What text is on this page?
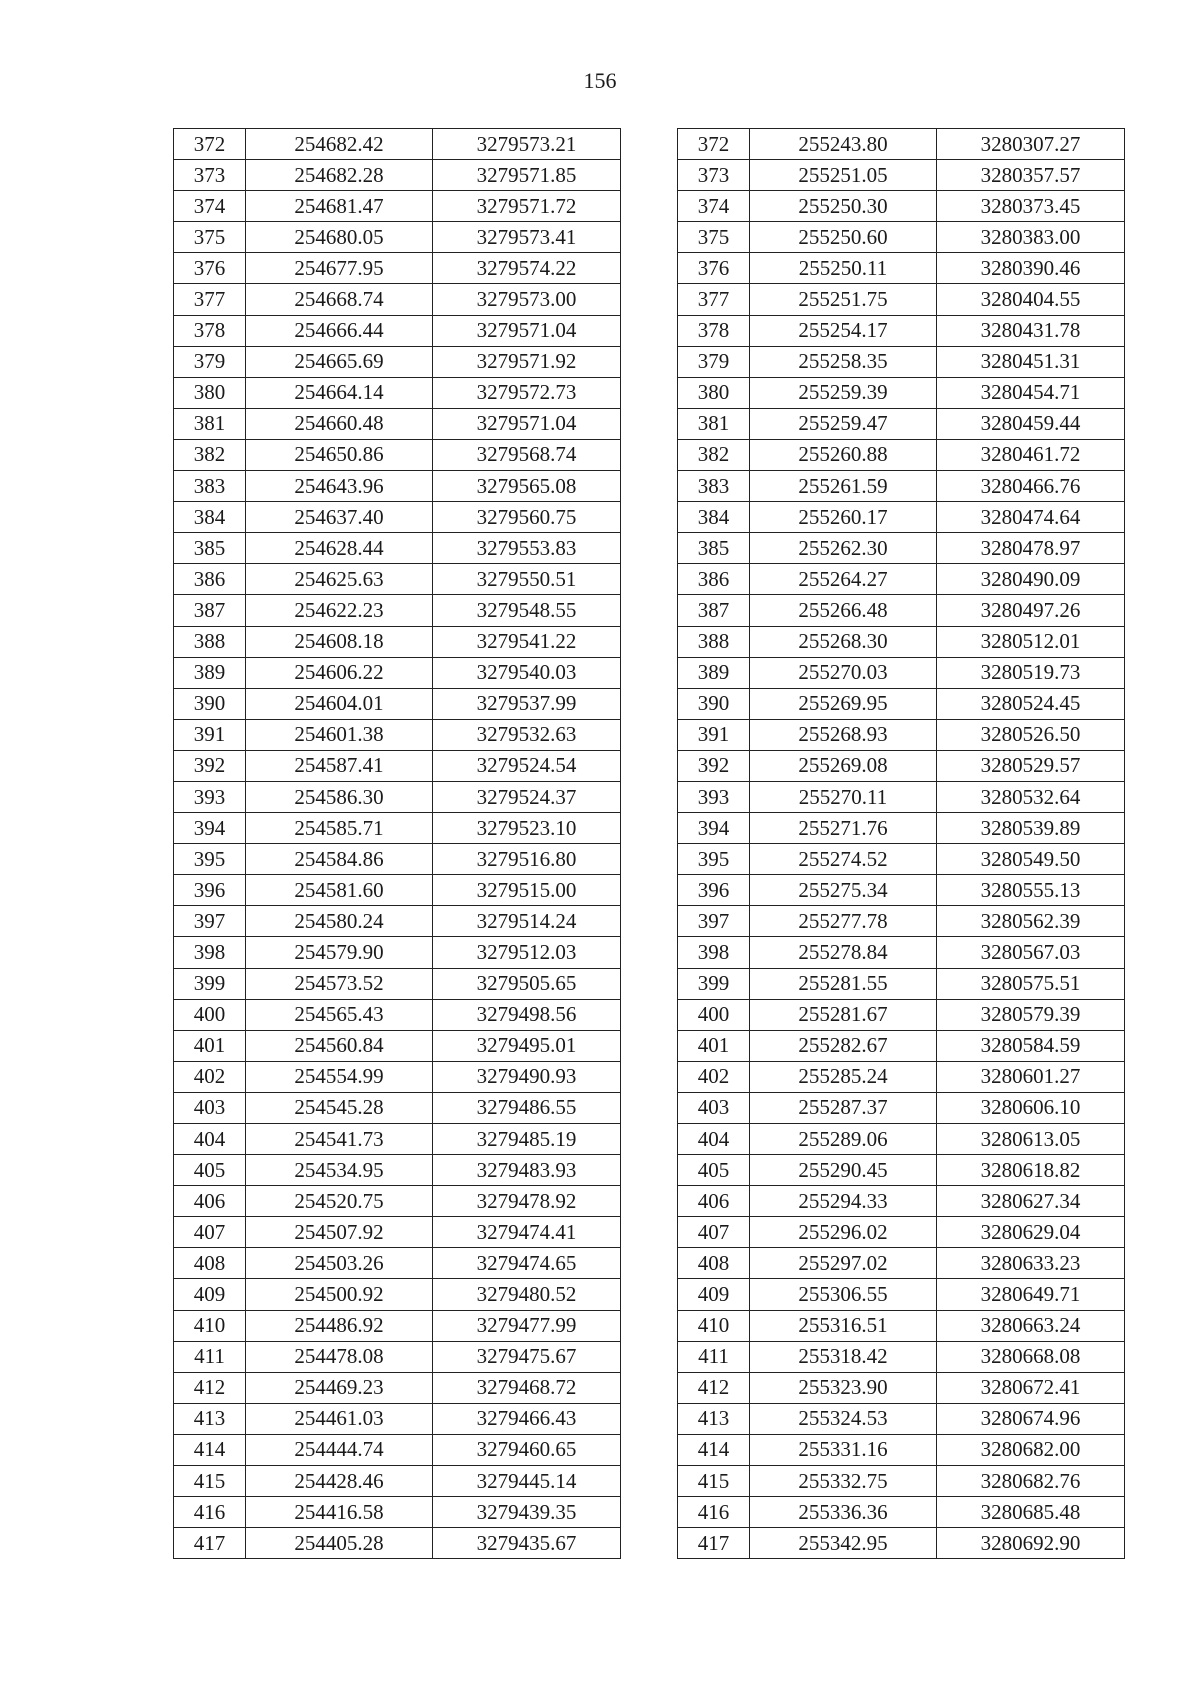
156
372	254682.42	3279573.21		372	255243.80	3280307.27
373	254682.28	3279571.85		373	255251.05	3280357.57
374	254681.47	3279571.72		374	255250.30	3280373.45
375	254680.05	3279573.41		375	255250.60	3280383.00
376	254677.95	3279574.22		376	255250.11	3280390.46
377	254668.74	3279573.00		377	255251.75	3280404.55
378	254666.44	3279571.04		378	255254.17	3280431.78
379	254665.69	3279571.92		379	255258.35	3280451.31
380	254664.14	3279572.73		380	255259.39	3280454.71
381	254660.48	3279571.04		381	255259.47	3280459.44
382	254650.86	3279568.74		382	255260.88	3280461.72
383	254643.96	3279565.08		383	255261.59	3280466.76
384	254637.40	3279560.75		384	255260.17	3280474.64
385	254628.44	3279553.83		385	255262.30	3280478.97
386	254625.63	3279550.51		386	255264.27	3280490.09
387	254622.23	3279548.55		387	255266.48	3280497.26
388	254608.18	3279541.22		388	255268.30	3280512.01
389	254606.22	3279540.03		389	255270.03	3280519.73
390	254604.01	3279537.99		390	255269.95	3280524.45
391	254601.38	3279532.63		391	255268.93	3280526.50
392	254587.41	3279524.54		392	255269.08	3280529.57
393	254586.30	3279524.37		393	255270.11	3280532.64
394	254585.71	3279523.10		394	255271.76	3280539.89
395	254584.86	3279516.80		395	255274.52	3280549.50
396	254581.60	3279515.00		396	255275.34	3280555.13
397	254580.24	3279514.24		397	255277.78	3280562.39
398	254579.90	3279512.03		398	255278.84	3280567.03
399	254573.52	3279505.65		399	255281.55	3280575.51
400	254565.43	3279498.56		400	255281.67	3280579.39
401	254560.84	3279495.01		401	255282.67	3280584.59
402	254554.99	3279490.93		402	255285.24	3280601.27
403	254545.28	3279486.55		403	255287.37	3280606.10
404	254541.73	3279485.19		404	255289.06	3280613.05
405	254534.95	3279483.93		405	255290.45	3280618.82
406	254520.75	3279478.92		406	255294.33	3280627.34
407	254507.92	3279474.41		407	255296.02	3280629.04
408	254503.26	3279474.65		408	255297.02	3280633.23
409	254500.92	3279480.52		409	255306.55	3280649.71
410	254486.92	3279477.99		410	255316.51	3280663.24
411	254478.08	3279475.67		411	255318.42	3280668.08
412	254469.23	3279468.72		412	255323.90	3280672.41
413	254461.03	3279466.43		413	255324.53	3280674.96
414	254444.74	3279460.65		414	255331.16	3280682.00
415	254428.46	3279445.14		415	255332.75	3280682.76
416	254416.58	3279439.35		416	255336.36	3280685.48
417	254405.28	3279435.67		417	255342.95	3280692.90
